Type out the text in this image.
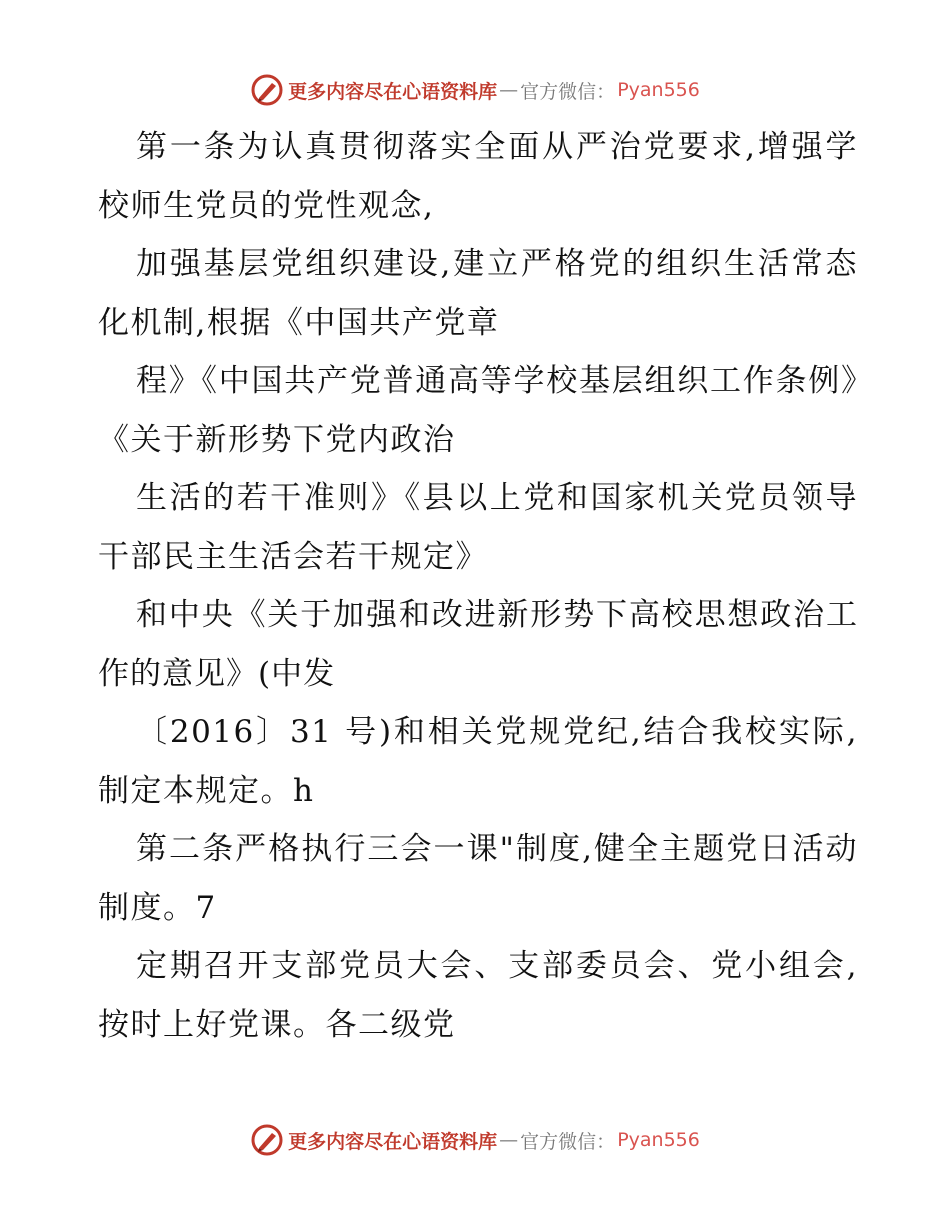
更多内容尽在心语资料库 — 官方微信： Pyan556

第一条为认真贯彻落实全面从严治党要求,增强学校师生党员的党性观念,

加强基层党组织建设,建立严格党的组织生活常态化机制,根据《中国共产党章

程》《中国共产党普通高等学校基层组织工作条例》《关于新形势下党内政治

生活的若干准则》《县以上党和国家机关党员领导干部民主生活会若干规定》

和中央《关于加强和改进新形势下高校思想政治工作的意见》(中发

〔2016〕31 号)和相关党规党纪,结合我校实际,制定本规定。h

第二条严格执行三会一课"制度,健全主题党日活动制度。7

定期召开支部党员大会、支部委员会、党小组会,按时上好党课。各二级党

更多内容尽在心语资料库 — 官方微信： Pyan556
